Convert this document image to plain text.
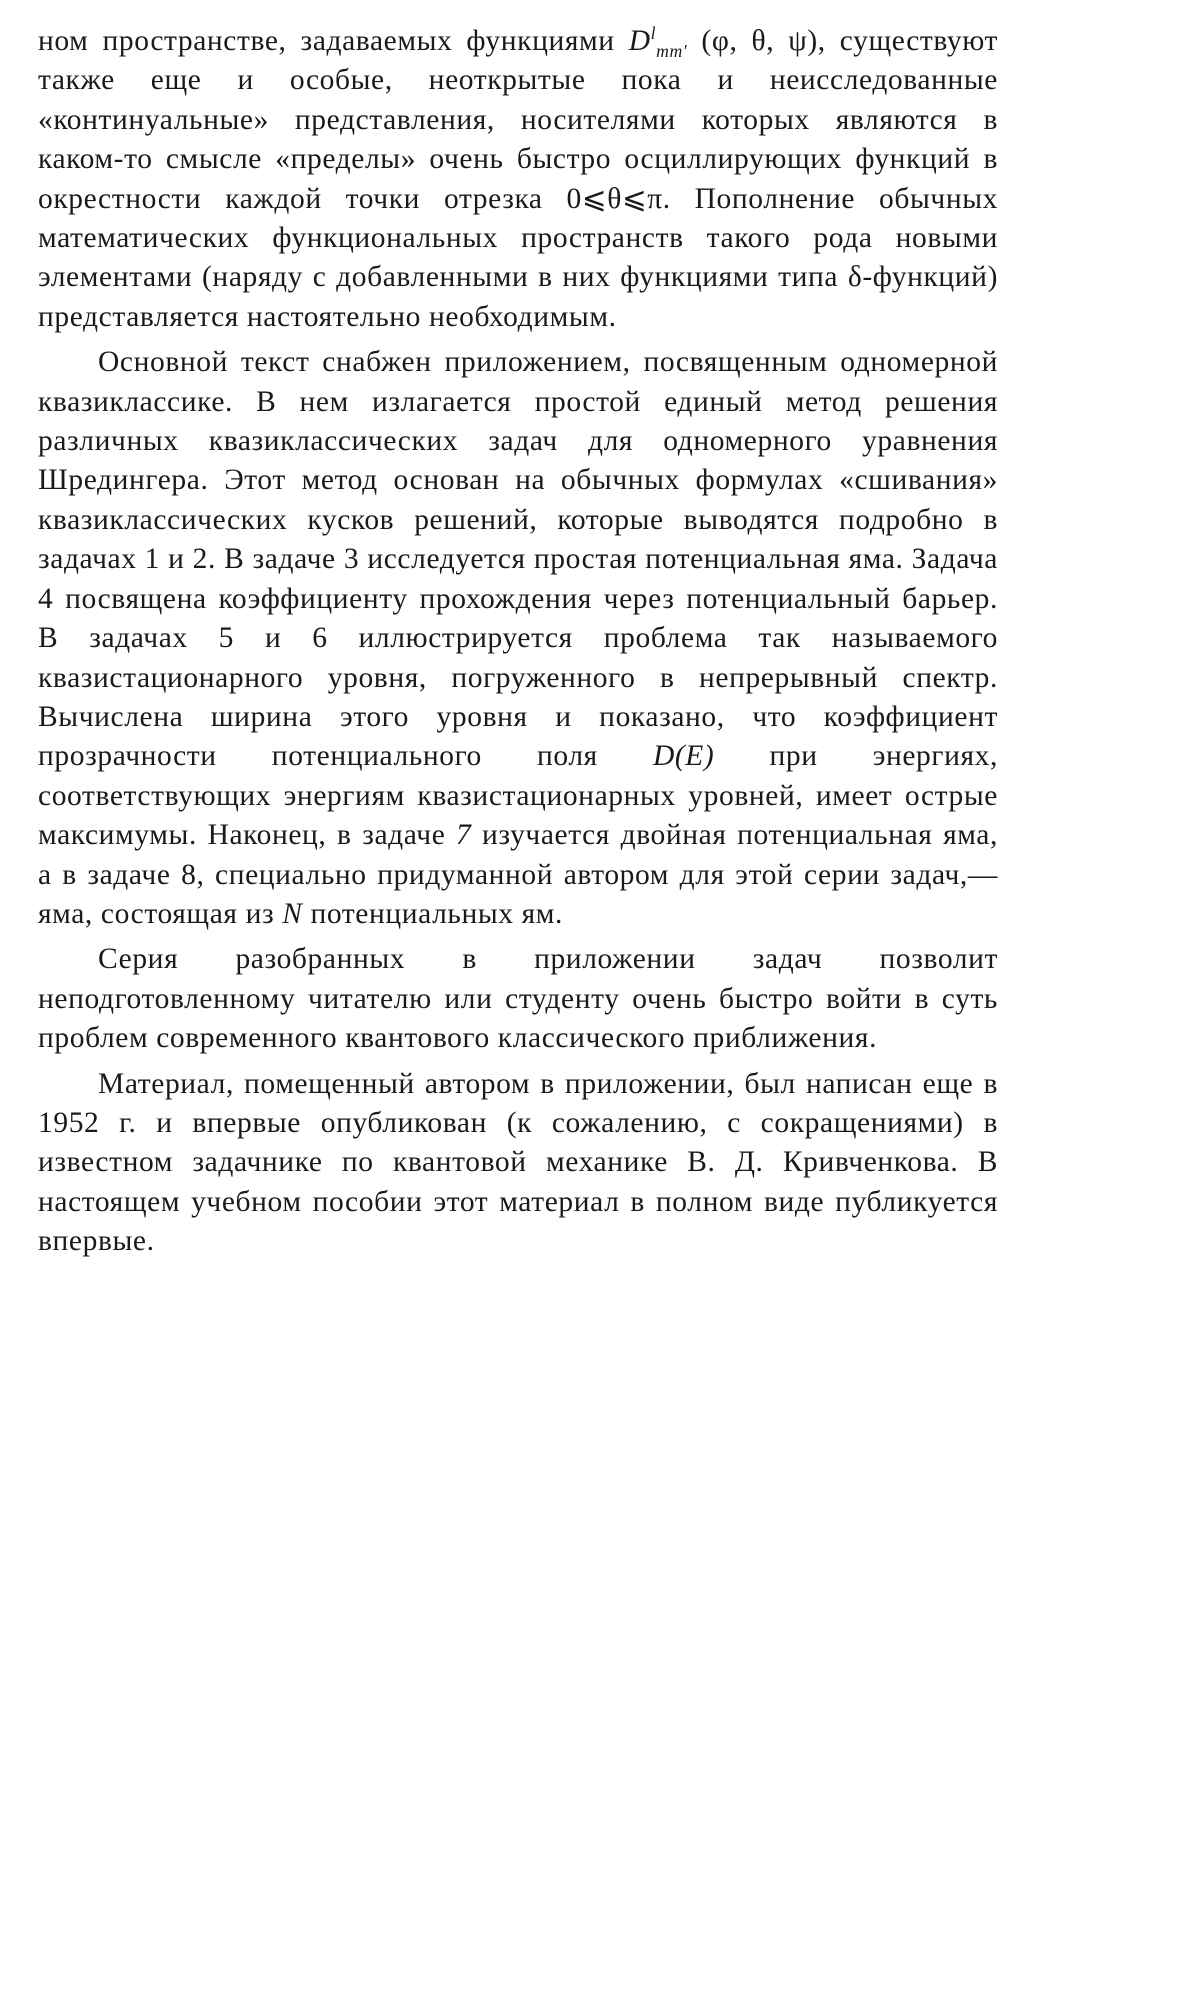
ном пространстве, задаваемых функциями $D^l_{mm'}$ (φ, θ, ψ), существуют также еще и особые, неоткрытые пока и неисследованные «континуальные» представления, носителями которых являются в каком-то смысле «пределы» очень быстро осциллирующих функций в окрестности каждой точки отрезка 0⩽θ⩽π. Пополнение обычных математических функциональных пространств такого рода новыми элементами (наряду с добавленными в них функциями типа δ-функций) представляется настоятельно необходимым.

Основной текст снабжен приложением, посвященным одномерной квазиклассике. В нем излагается простой единый метод решения различных квазиклассических задач для одномерного уравнения Шредингера. Этот метод основан на обычных формулах «сшивания» квазиклассических кусков решений, которые выводятся подробно в задачах 1 и 2. В задаче 3 исследуется простая потенциальная яма. Задача 4 посвящена коэффициенту прохождения через потенциальный барьер. В задачах 5 и 6 иллюстрируется проблема так называемого квазистационарного уровня, погруженного в непрерывный спектр. Вычислена ширина этого уровня и показано, что коэффициент прозрачности потенциального поля D(E) при энергиях, соответствующих энергиям квазистационарных уровней, имеет острые максимумы. Наконец, в задаче 7 изучается двойная потенциальная яма, а в задаче 8, специально придуманной автором для этой серии задач,— яма, состоящая из N потенциальных ям.

Серия разобранных в приложении задач позволит неподготовленному читателю или студенту очень быстро войти в суть проблем современного квантового классического приближения.

Материал, помещенный автором в приложении, был написан еще в 1952 г. и впервые опубликован (к сожалению, с сокращениями) в известном задачнике по квантовой механике В. Д. Кривченкова. В настоящем учебном пособии этот материал в полном виде публикуется впервые.
